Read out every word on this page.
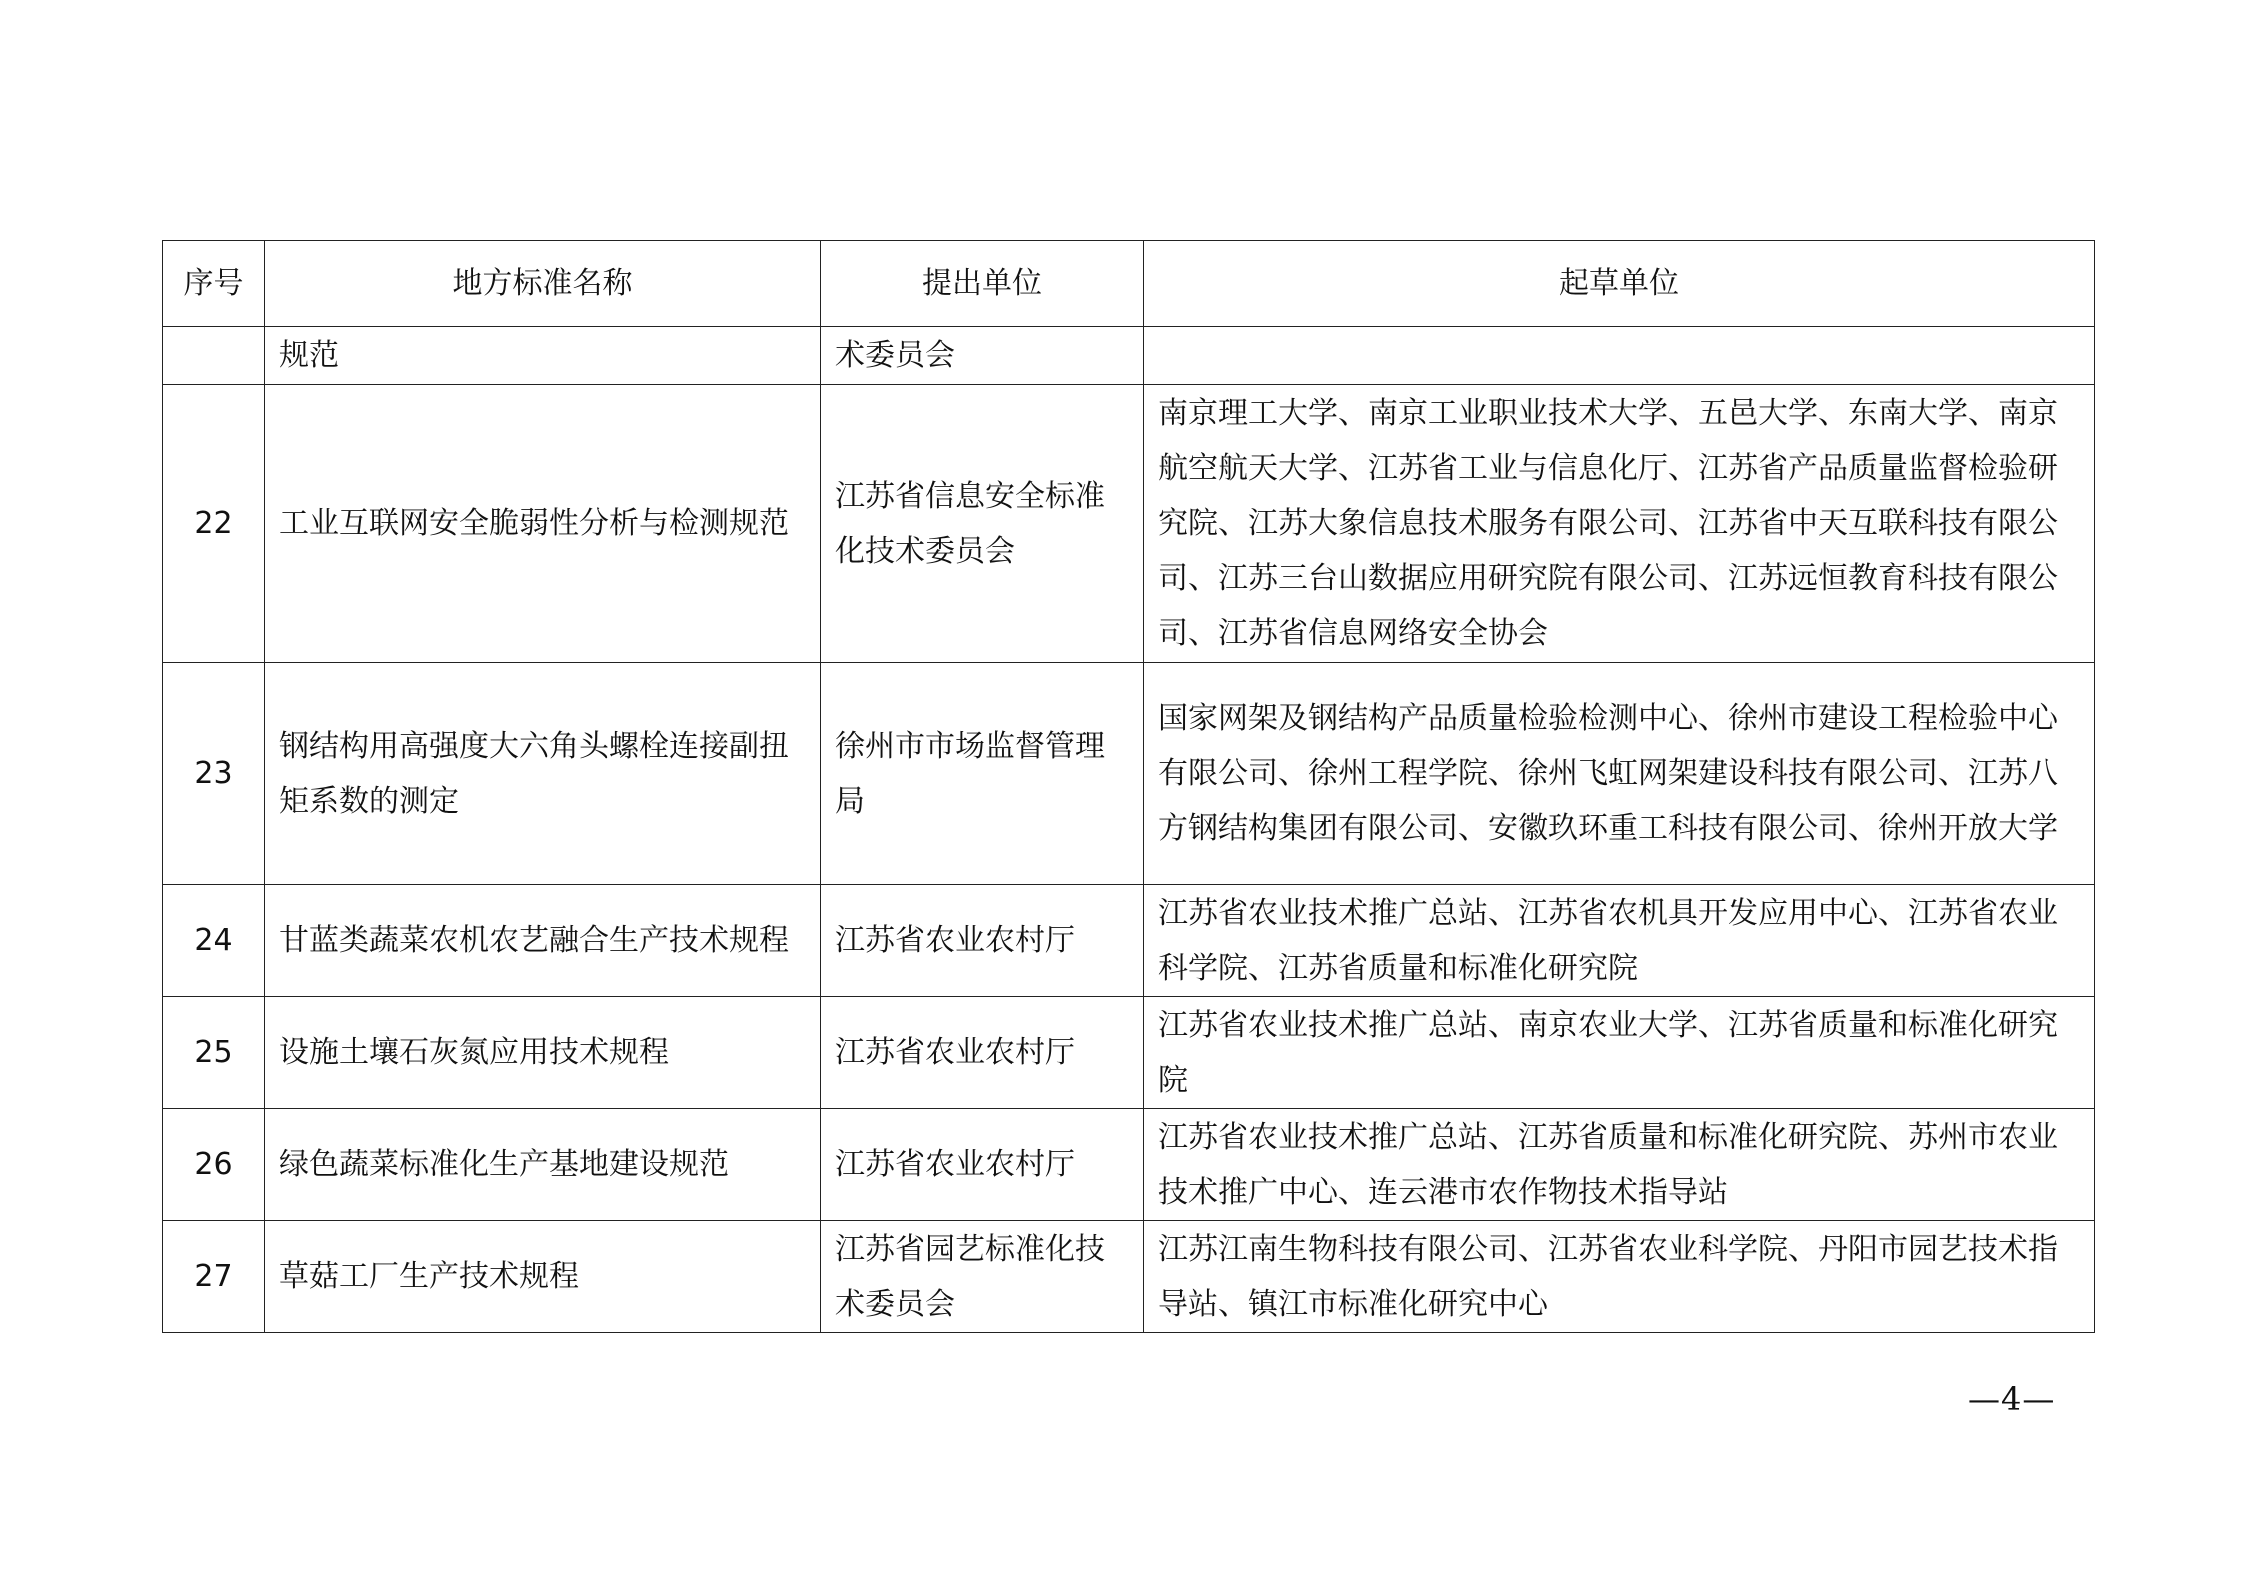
序号	地方标准名称	提出单位	起草单位
	规范	术委员会	
22	工业互联网安全脆弱性分析与检测规范	江苏省信息安全标准化技术委员会	南京理工大学、南京工业职业技术大学、五邑大学、东南大学、南京航空航天大学、江苏省工业与信息化厅、江苏省产品质量监督检验研究院、江苏大象信息技术服务有限公司、江苏省中天互联科技有限公司、江苏三台山数据应用研究院有限公司、江苏远恒教育科技有限公司、江苏省信息网络安全协会
23	钢结构用高强度大六角头螺栓连接副扭矩系数的测定	徐州市市场监督管理局	国家网架及钢结构产品质量检验检测中心、徐州市建设工程检验中心有限公司、徐州工程学院、徐州飞虹网架建设科技有限公司、江苏八方钢结构集团有限公司、安徽玖环重工科技有限公司、徐州开放大学
24	甘蓝类蔬菜农机农艺融合生产技术规程	江苏省农业农村厅	江苏省农业技术推广总站、江苏省农机具开发应用中心、江苏省农业科学院、江苏省质量和标准化研究院
25	设施土壤石灰氮应用技术规程	江苏省农业农村厅	江苏省农业技术推广总站、南京农业大学、江苏省质量和标准化研究院
26	绿色蔬菜标准化生产基地建设规范	江苏省农业农村厅	江苏省农业技术推广总站、江苏省质量和标准化研究院、苏州市农业技术推广中心、连云港市农作物技术指导站
27	草菇工厂生产技术规程	江苏省园艺标准化技术委员会	江苏江南生物科技有限公司、江苏省农业科学院、丹阳市园艺技术指导站、镇江市标准化研究中心
—4—
